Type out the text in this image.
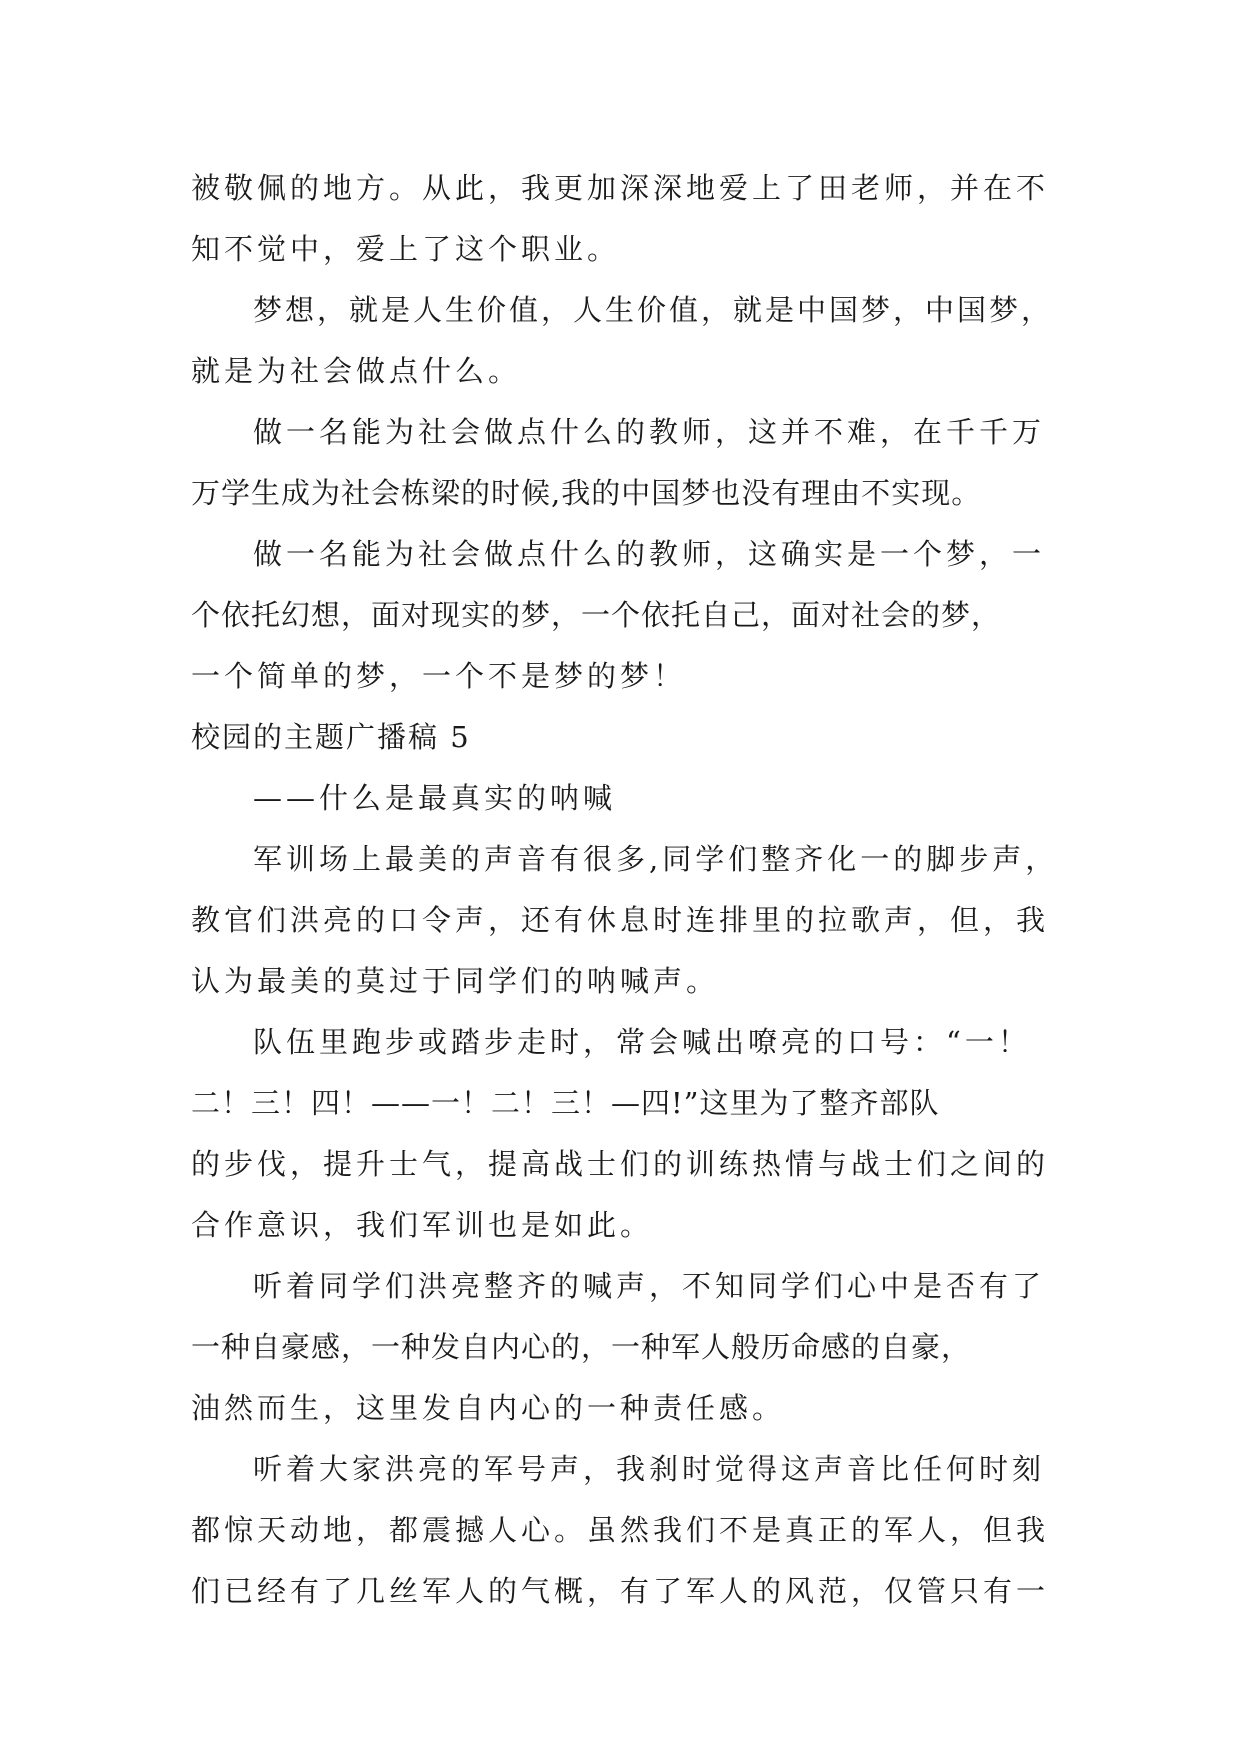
被敬佩的地方。从此，我更加深深地爱上了田老师，并在不
知不觉中，爱上了这个职业。
梦想，就是人生价值，人生价值，就是中国梦，中国梦，
就是为社会做点什么。
做一名能为社会做点什么的教师，这并不难，在千千万
万学生成为社会栋梁的时候,我的中国梦也没有理由不实现。
做一名能为社会做点什么的教师，这确实是一个梦，一
个依托幻想，面对现实的梦，一个依托自己，面对社会的梦，
一个简单的梦，一个不是梦的梦！
校园的主题广播稿 5
——什么是最真实的呐喊
军训场上最美的声音有很多,同学们整齐化一的脚步声，
教官们洪亮的口令声，还有休息时连排里的拉歌声，但，我
认为最美的莫过于同学们的呐喊声。
队伍里跑步或踏步走时，常会喊出嘹亮的口号：“一！
二！三！四！——一！二！三！—四!”这里为了整齐部队
的步伐，提升士气，提高战士们的训练热情与战士们之间的
合作意识，我们军训也是如此。
听着同学们洪亮整齐的喊声，不知同学们心中是否有了
一种自豪感，一种发自内心的，一种军人般历命感的自豪，
油然而生，这里发自内心的一种责任感。
听着大家洪亮的军号声，我刹时觉得这声音比任何时刻
都惊天动地，都震撼人心。虽然我们不是真正的军人，但我
们已经有了几丝军人的气概，有了军人的风范，仅管只有一
